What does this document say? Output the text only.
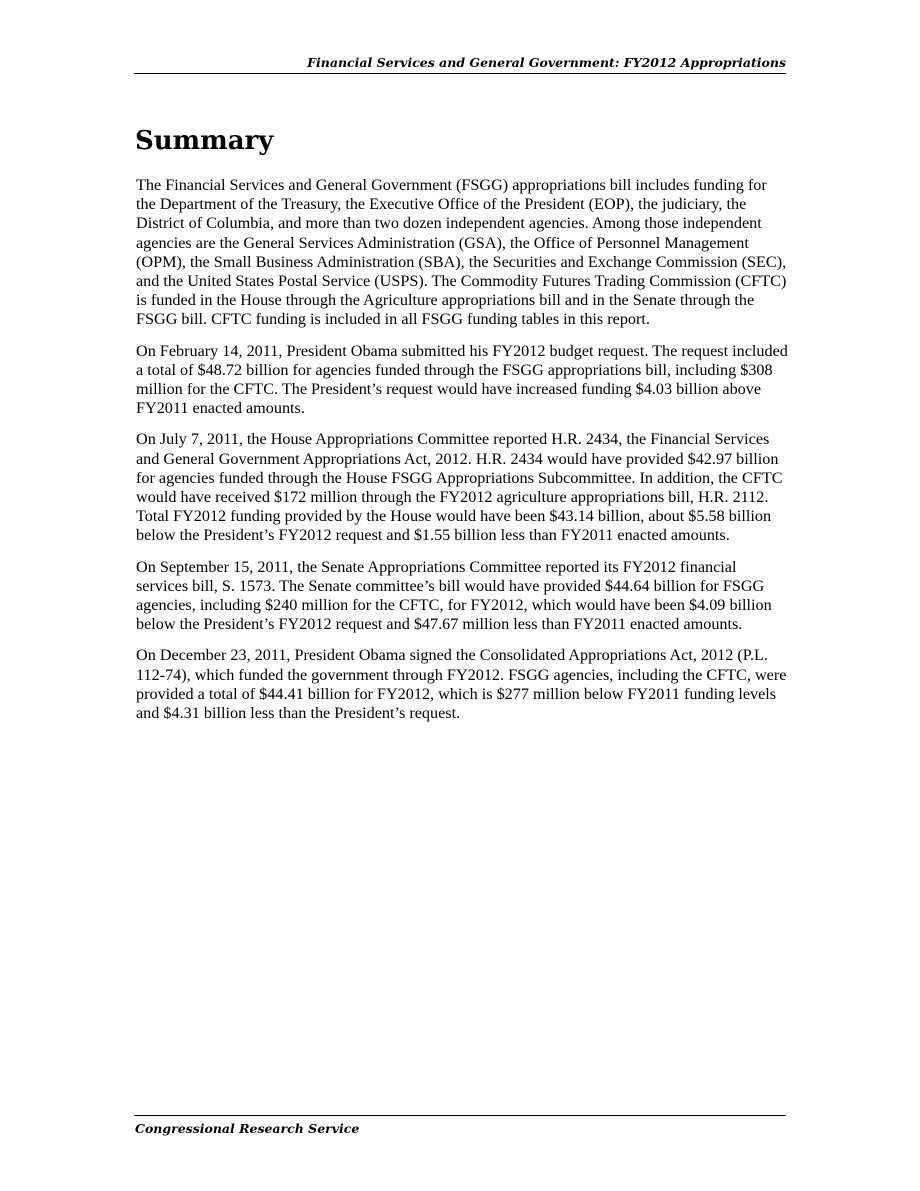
Financial Services and General Government: FY2012 Appropriations
Summary

The Financial Services and General Government (FSGG) appropriations bill includes funding for the Department of the Treasury, the Executive Office of the President (EOP), the judiciary, the District of Columbia, and more than two dozen independent agencies. Among those independent agencies are the General Services Administration (GSA), the Office of Personnel Management (OPM), the Small Business Administration (SBA), the Securities and Exchange Commission (SEC), and the United States Postal Service (USPS). The Commodity Futures Trading Commission (CFTC) is funded in the House through the Agriculture appropriations bill and in the Senate through the FSGG bill. CFTC funding is included in all FSGG funding tables in this report.

On February 14, 2011, President Obama submitted his FY2012 budget request. The request included a total of $48.72 billion for agencies funded through the FSGG appropriations bill, including $308 million for the CFTC. The President’s request would have increased funding $4.03 billion above FY2011 enacted amounts.

On July 7, 2011, the House Appropriations Committee reported H.R. 2434, the Financial Services and General Government Appropriations Act, 2012. H.R. 2434 would have provided $42.97 billion for agencies funded through the House FSGG Appropriations Subcommittee. In addition, the CFTC would have received $172 million through the FY2012 agriculture appropriations bill, H.R. 2112. Total FY2012 funding provided by the House would have been $43.14 billion, about $5.58 billion below the President’s FY2012 request and $1.55 billion less than FY2011 enacted amounts.

On September 15, 2011, the Senate Appropriations Committee reported its FY2012 financial services bill, S. 1573. The Senate committee’s bill would have provided $44.64 billion for FSGG agencies, including $240 million for the CFTC, for FY2012, which would have been $4.09 billion below the President’s FY2012 request and $47.67 million less than FY2011 enacted amounts.

On December 23, 2011, President Obama signed the Consolidated Appropriations Act, 2012 (P.L. 112-74), which funded the government through FY2012. FSGG agencies, including the CFTC, were provided a total of $44.41 billion for FY2012, which is $277 million below FY2011 funding levels and $4.31 billion less than the President’s request.

Congressional Research Service
